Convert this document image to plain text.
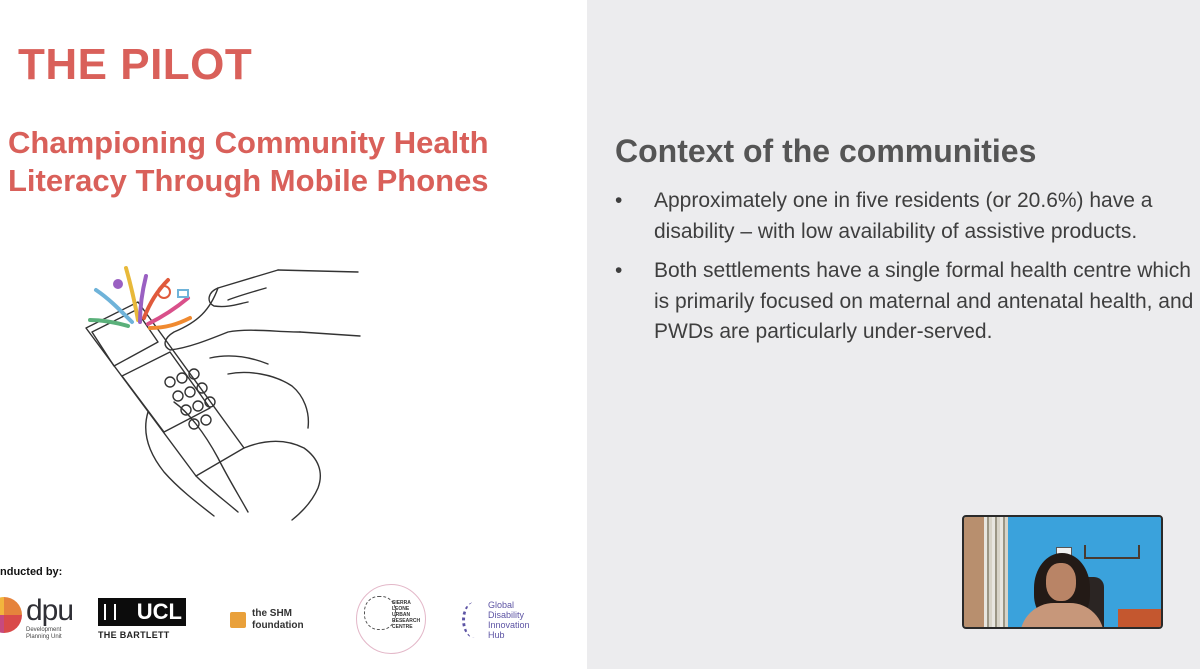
THE PILOT
Championing Community Health
Literacy Through Mobile Phones
nducted by:
dpu
Development Planning Unit
UCL
THE BARTLETT
the SHM
foundation
SIERRA
LEONE
URBAN
RESEARCH
CENTRE
Global
Disability
Innovation
Hub
Context of the communities
•	Approximately one in five residents (or 20.6%) have a disability – with low availability of assistive products.
•	Both settlements have a single formal health centre which is primarily focused on maternal and antenatal health, and PWDs are particularly under-served.
